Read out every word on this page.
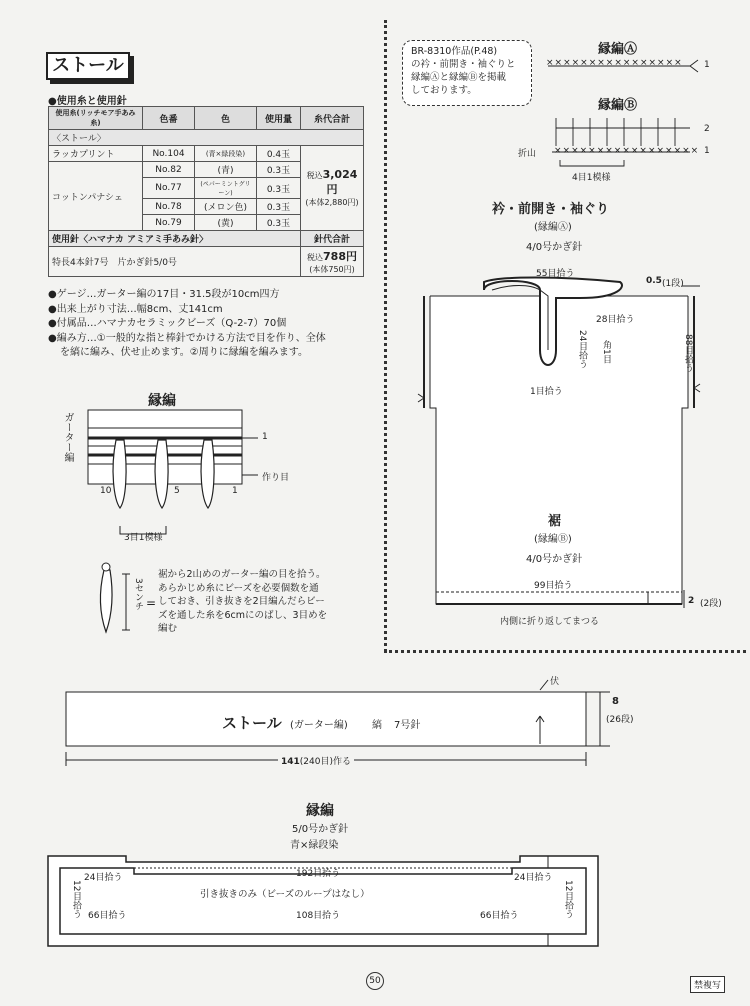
ストール
●使用糸と使用針
使用糸(リッチモア手あみ糸)	色番	色	使用量	糸代合計
〈ストール〉				
ラッカプリント	No.104	(青×緑段染)	0.4玉	税込3,024円
(本体2,880円)
コットンパナシェ	No.82	(青)	0.3玉	
	No.77	(ペパーミントグリーン)	0.3玉	
	No.78	(メロン色)	0.3玉	
	No.79	(黄)	0.3玉	
使用針〈ハマナカ アミアミ手あみ針〉				針代合計
特長4本針7号　片かぎ針5/0号				税込788円
(本体750円)
●ゲージ…ガーター編の17目・31.5段が10cm四方
●出来上がり寸法…幅8cm、丈141cm
●付属品…ハマナカセラミックビーズ（Q-2-7）70個
●編み方…①一般的な指と棒針でかける方法で目を作り、全体
を縞に編み、伏せ止めます。②周りに縁編を編みます。
BR-8310作品(P.48)
の衿・前開き・袖ぐりと
縁編Ⓐと縁編Ⓑを掲載
しております。
縁編
ガーター編	1
作り目
10	5	1
3目1模様
3センチ =
裾から2山めのガーター編の目を拾う。
あらかじめ糸にビーズを必要個数を通
しておき、引き抜きを2目編んだらビー
ズを通した糸を6cmにのばし、3目めを
編む
縁編Ⓐ
×××××××××××××××× 1
縁編Ⓑ
×××××××××××××××××
2
1
折山
4目1模様
衿・前開き・袖ぐり
(縁編Ⓐ)
4/0号かぎ針
55目拾う
0.5 (1段)
28目拾う
24目拾う 角1目
1目拾う
88目拾う
裾
(縁編Ⓑ)
4/0号かぎ針
99目拾う
2 (2段)
内側に折り返してまつる
ストール (ガーター編) 縞 7号針
伏
8
(26段)
141(240目)作る
縁編
5/0号かぎ針
青×緑段染
192目拾う
24目拾う	24目拾う
12目拾う	12目拾う
引き抜きのみ（ビーズのループはなし）
66目拾う	108目拾う	66目拾う
50	禁複写
